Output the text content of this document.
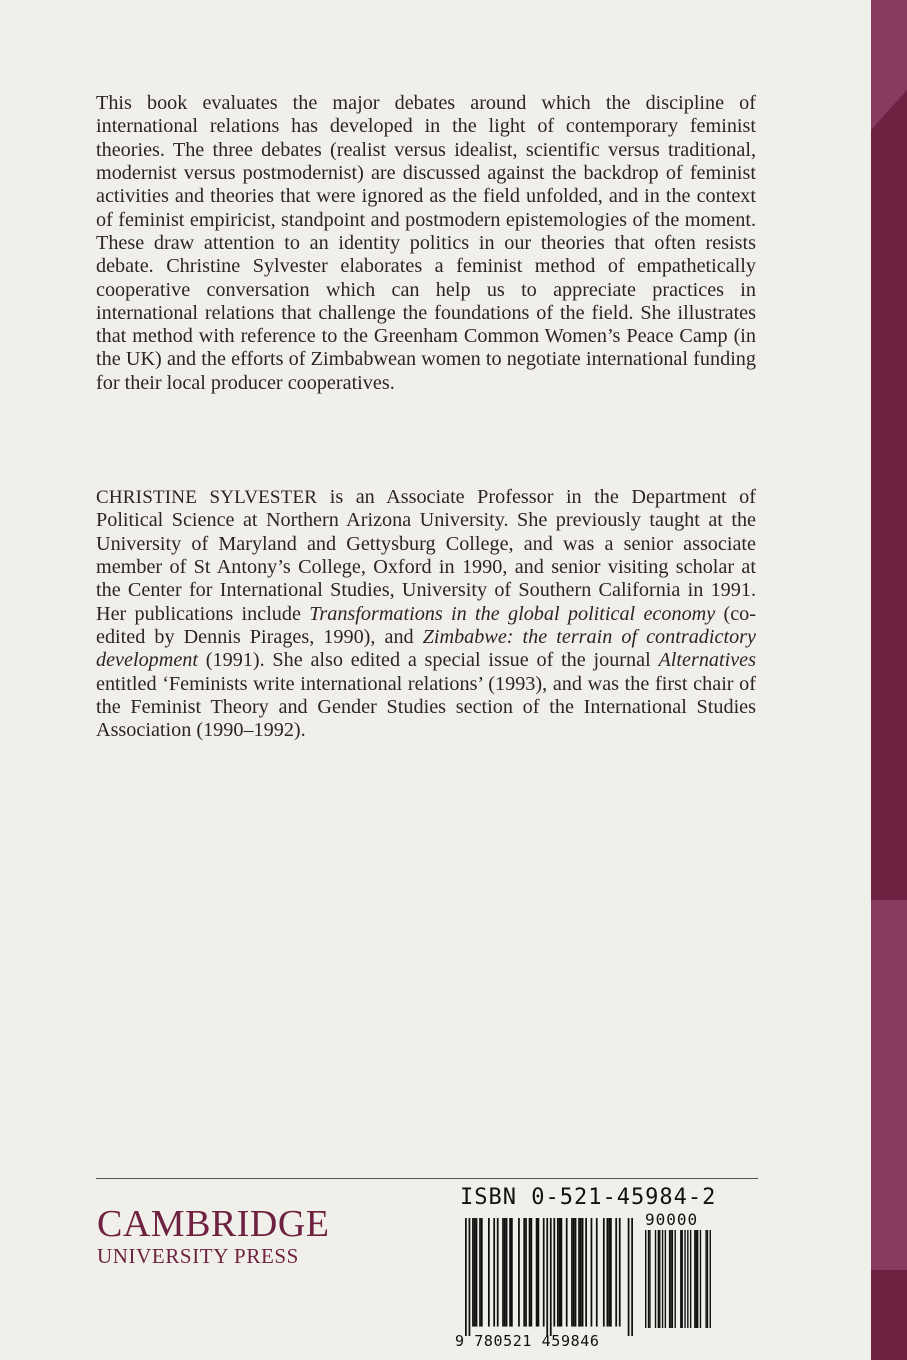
This book evaluates the major debates around which the discipline of international relations has developed in the light of contemporary feminist theories. The three debates (realist versus idealist, scientific versus traditional, modernist versus postmodernist) are discussed against the backdrop of feminist activities and theories that were ignored as the field unfolded, and in the context of feminist empiricist, standpoint and postmodern epistemologies of the moment. These draw attention to an identity politics in our theories that often resists debate. Christine Sylvester elaborates a feminist method of empathetically cooperative conversation which can help us to appreciate practices in international relations that challenge the foundations of the field. She illustrates that method with reference to the Greenham Common Women’s Peace Camp (in the UK) and the efforts of Zimbabwean women to negotiate international funding for their local producer cooperatives.

CHRISTINE SYLVESTER is an Associate Professor in the Department of Political Science at Northern Arizona University. She previously taught at the University of Maryland and Gettysburg College, and was a senior associate member of St Antony’s College, Oxford in 1990, and senior visiting scholar at the Center for International Studies, University of Southern California in 1991. Her publications include Transformations in the global political economy (co-edited by Dennis Pirages, 1990), and Zimbabwe: the terrain of contradictory development (1991). She also edited a special issue of the journal Alternatives entitled ‘Feminists write international relations’ (1993), and was the first chair of the Feminist Theory and Gender Studies section of the International Studies Association (1990–1992).

CAMBRIDGE
UNIVERSITY PRESS
ISBN 0-521-45984-2
90000
9 780521 459846
